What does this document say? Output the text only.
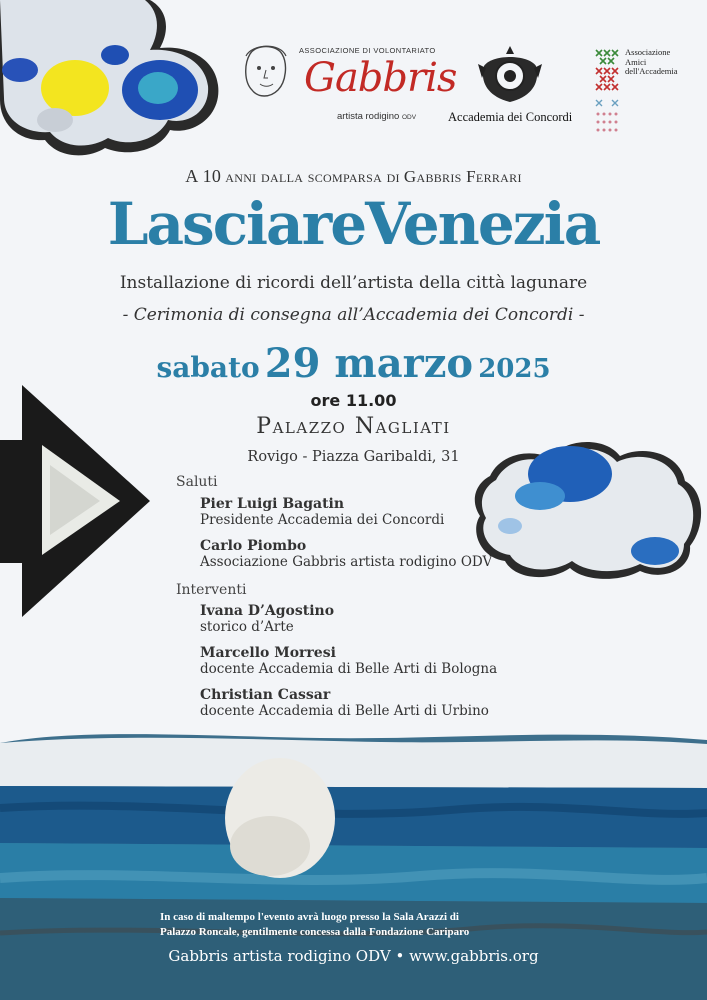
ASSOCIAZIONE DI VOLONTARIATO
Gabbris
artista rodigino ODV	Accademia dei Concordi
Associazione
Amici
dell'Accademia
A 10 anni dalla scomparsa di Gabbris Ferrari
LasciareVenezia
Installazione di ricordi dell’artista della città lagunare
- Cerimonia di consegna all’Accademia dei Concordi -
sabato 29 marzo 2025
ore 11.00
Palazzo Nagliati
Rovigo - Piazza Garibaldi, 31
Saluti
Pier Luigi Bagatin
Presidente Accademia dei Concordi
Carlo Piombo
Associazione Gabbris artista rodigino ODV
Interventi
Ivana D’Agostino
storico d’Arte
Marcello Morresi
docente Accademia di Belle Arti di Bologna
Christian Cassar
docente Accademia di Belle Arti di Urbino
In caso di maltempo l'evento avrà luogo presso la Sala Arazzi di
Palazzo Roncale, gentilmente concessa dalla Fondazione Cariparo
Gabbris artista rodigino ODV • www.gabbris.org
